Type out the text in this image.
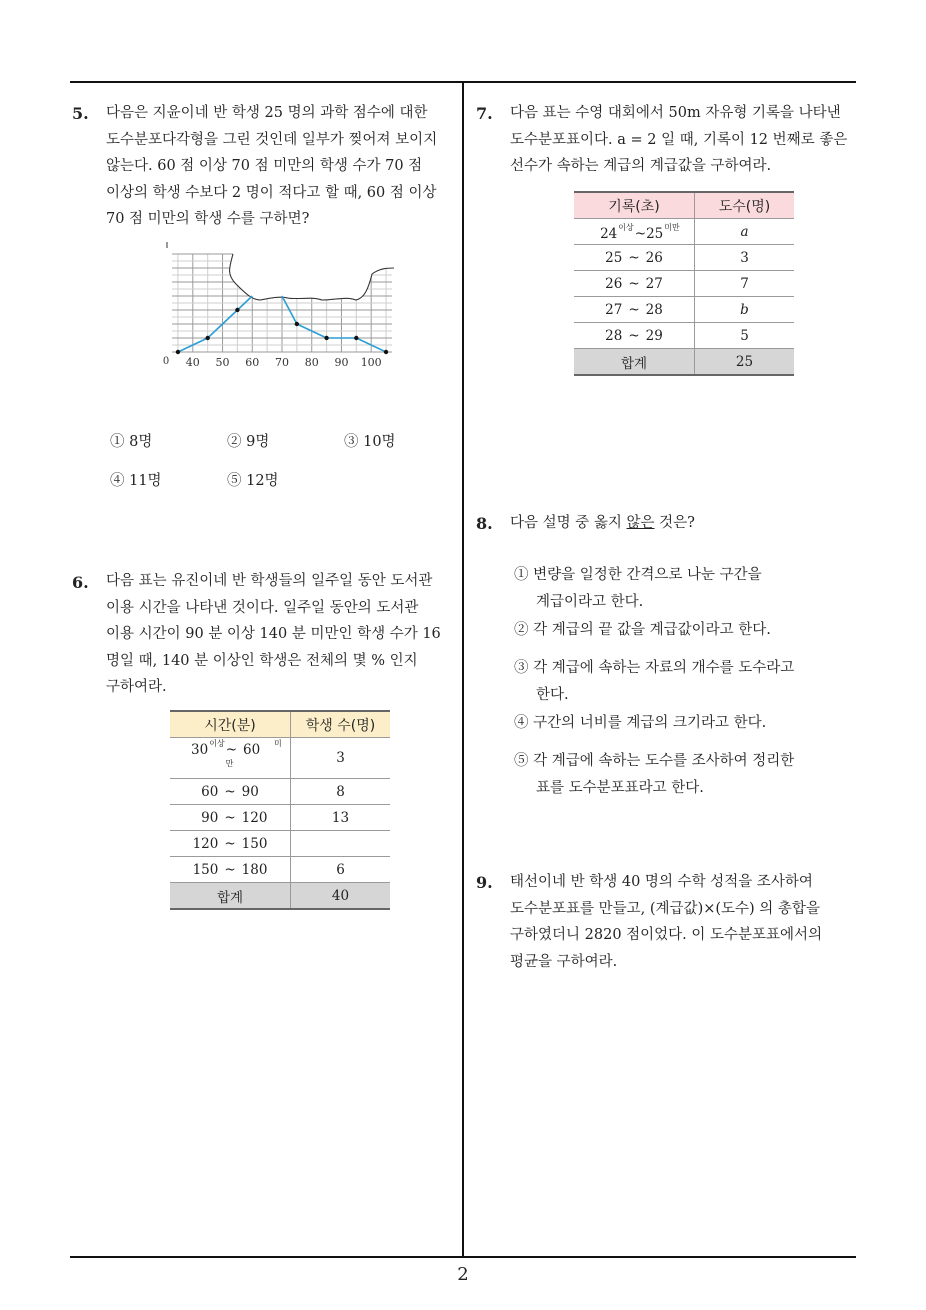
2
5. 다음은 지윤이네 반 학생 25 명의 과학 점수에 대한
도수분포다각형을 그린 것인데 일부가 찢어져 보이지
않는다. 60 점 이상 70 점 미만의 학생 수가 70 점
이상의 학생 수보다 2 명이 적다고 할 때, 60 점 이상
70 점 미만의 학생 수를 구하면?
40 50 60 70 80 90 100
0
① 8명	② 9명	③ 10명
④ 11명	⑤ 12명
6. 다음 표는 유진이네 반 학생들의 일주일 동안 도서관
이용 시간을 나타낸 것이다. 일주일 동안의 도서관
이용 시간이 90 분 이상 140 분 미만인 학생 수가 16
명일 때, 140 분 이상인 학생은 전체의 몇 % 인지
구하여라.
시간(분)	학생 수(명)
$30^{이상}\sim$ 60 $^{미만}$	3
60 ~ 90	8
90 ~ 120	13
120 ~ 150	
150 ~ 180	6
합계	40
7. 다음 표는 수영 대회에서 50m 자유형 기록을 나타낸
도수분포표이다. a = 2 일 때, 기록이 12 번째로 좋은
선수가 속하는 계급의 계급값을 구하여라.
기록(초)	도수(명)
$24^{이상}\sim 25^{미만}$	a
25 ~ 26	3
26 ~ 27	7
27 ~ 28	b
28 ~ 29	5
합계	25
8. 다음 설명 중 옳지 않은 것은?
① 변량을 일정한 간격으로 나눈 구간을
계급이라고 한다.
② 각 계급의 끝 값을 계급값이라고 한다.
③ 각 계급에 속하는 자료의 개수를 도수라고
한다.
④ 구간의 너비를 계급의 크기라고 한다.
⑤ 각 계급에 속하는 도수를 조사하여 정리한
표를 도수분포표라고 한다.
9. 태선이네 반 학생 40 명의 수학 성적을 조사하여
도수분포표를 만들고, (계급값)×(도수) 의 총합을
구하였더니 2820 점이었다. 이 도수분포표에서의
평균을 구하여라.
